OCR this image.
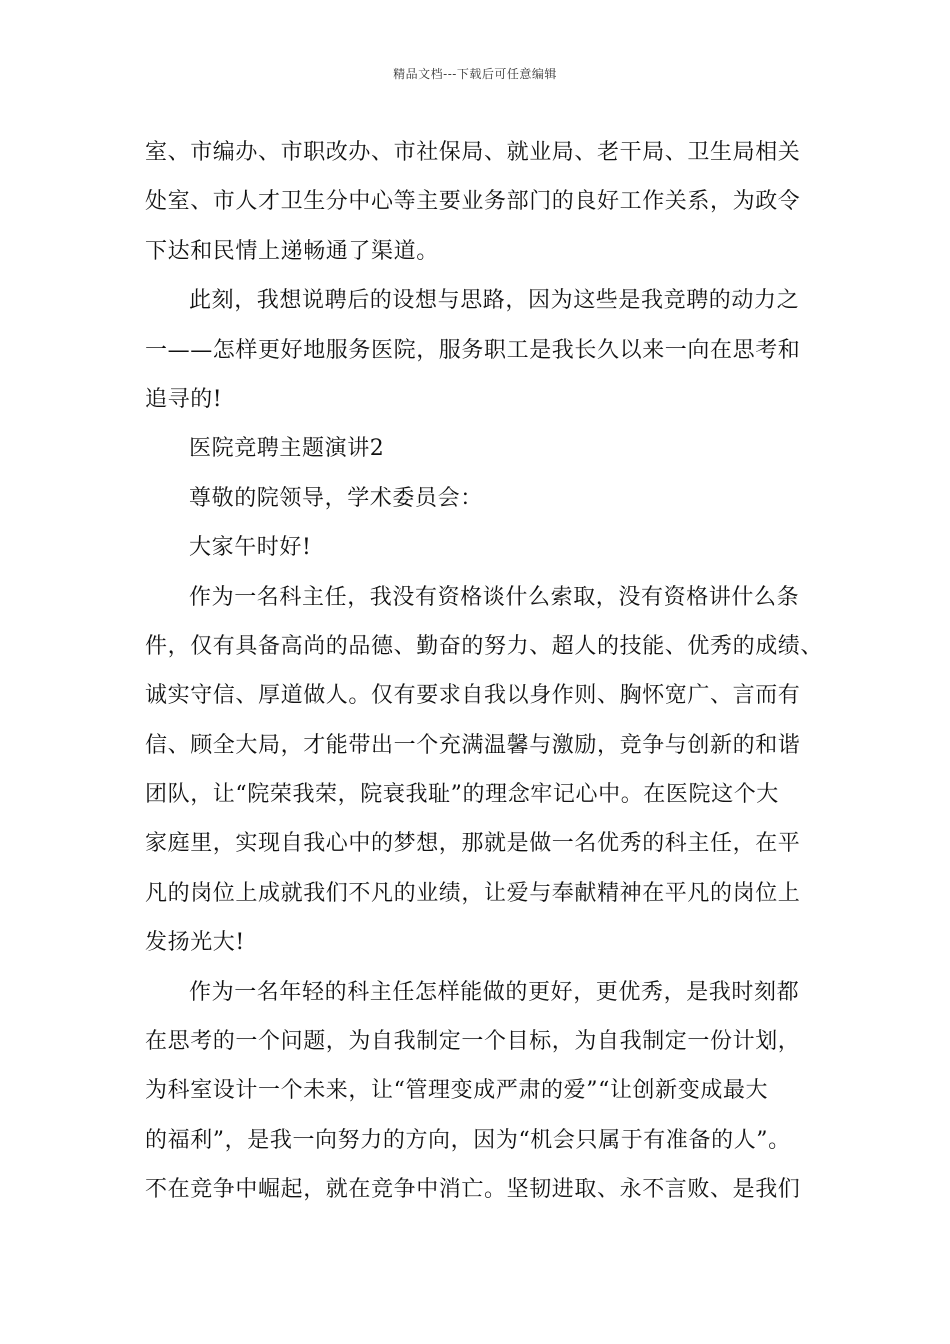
精品文档---下载后可任意编辑
室、市编办、市职改办、市社保局、就业局、老干局、卫生局相关
处室、市人才卫生分中心等主要业务部门的良好工作关系，为政令
下达和民情上递畅通了渠道。
此刻，我想说聘后的设想与思路，因为这些是我竞聘的动力之
一——怎样更好地服务医院，服务职工是我长久以来一向在思考和
追寻的!
医院竞聘主题演讲2
尊敬的院领导，学术委员会：
大家午时好!
作为一名科主任，我没有资格谈什么索取，没有资格讲什么条
件，仅有具备高尚的品德、勤奋的努力、超人的技能、优秀的成绩、
诚实守信、厚道做人。仅有要求自我以身作则、胸怀宽广、言而有
信、顾全大局，才能带出一个充满温馨与激励，竞争与创新的和谐
团队，让“院荣我荣，院衰我耻”的理念牢记心中。在医院这个大
家庭里，实现自我心中的梦想，那就是做一名优秀的科主任，在平
凡的岗位上成就我们不凡的业绩，让爱与奉献精神在平凡的岗位上
发扬光大!
作为一名年轻的科主任怎样能做的更好，更优秀，是我时刻都
在思考的一个问题，为自我制定一个目标，为自我制定一份计划，
为科室设计一个未来，让“管理变成严肃的爱”“让创新变成最大
的福利”，是我一向努力的方向，因为“机会只属于有准备的人”。
不在竞争中崛起，就在竞争中消亡。坚韧进取、永不言败、是我们
